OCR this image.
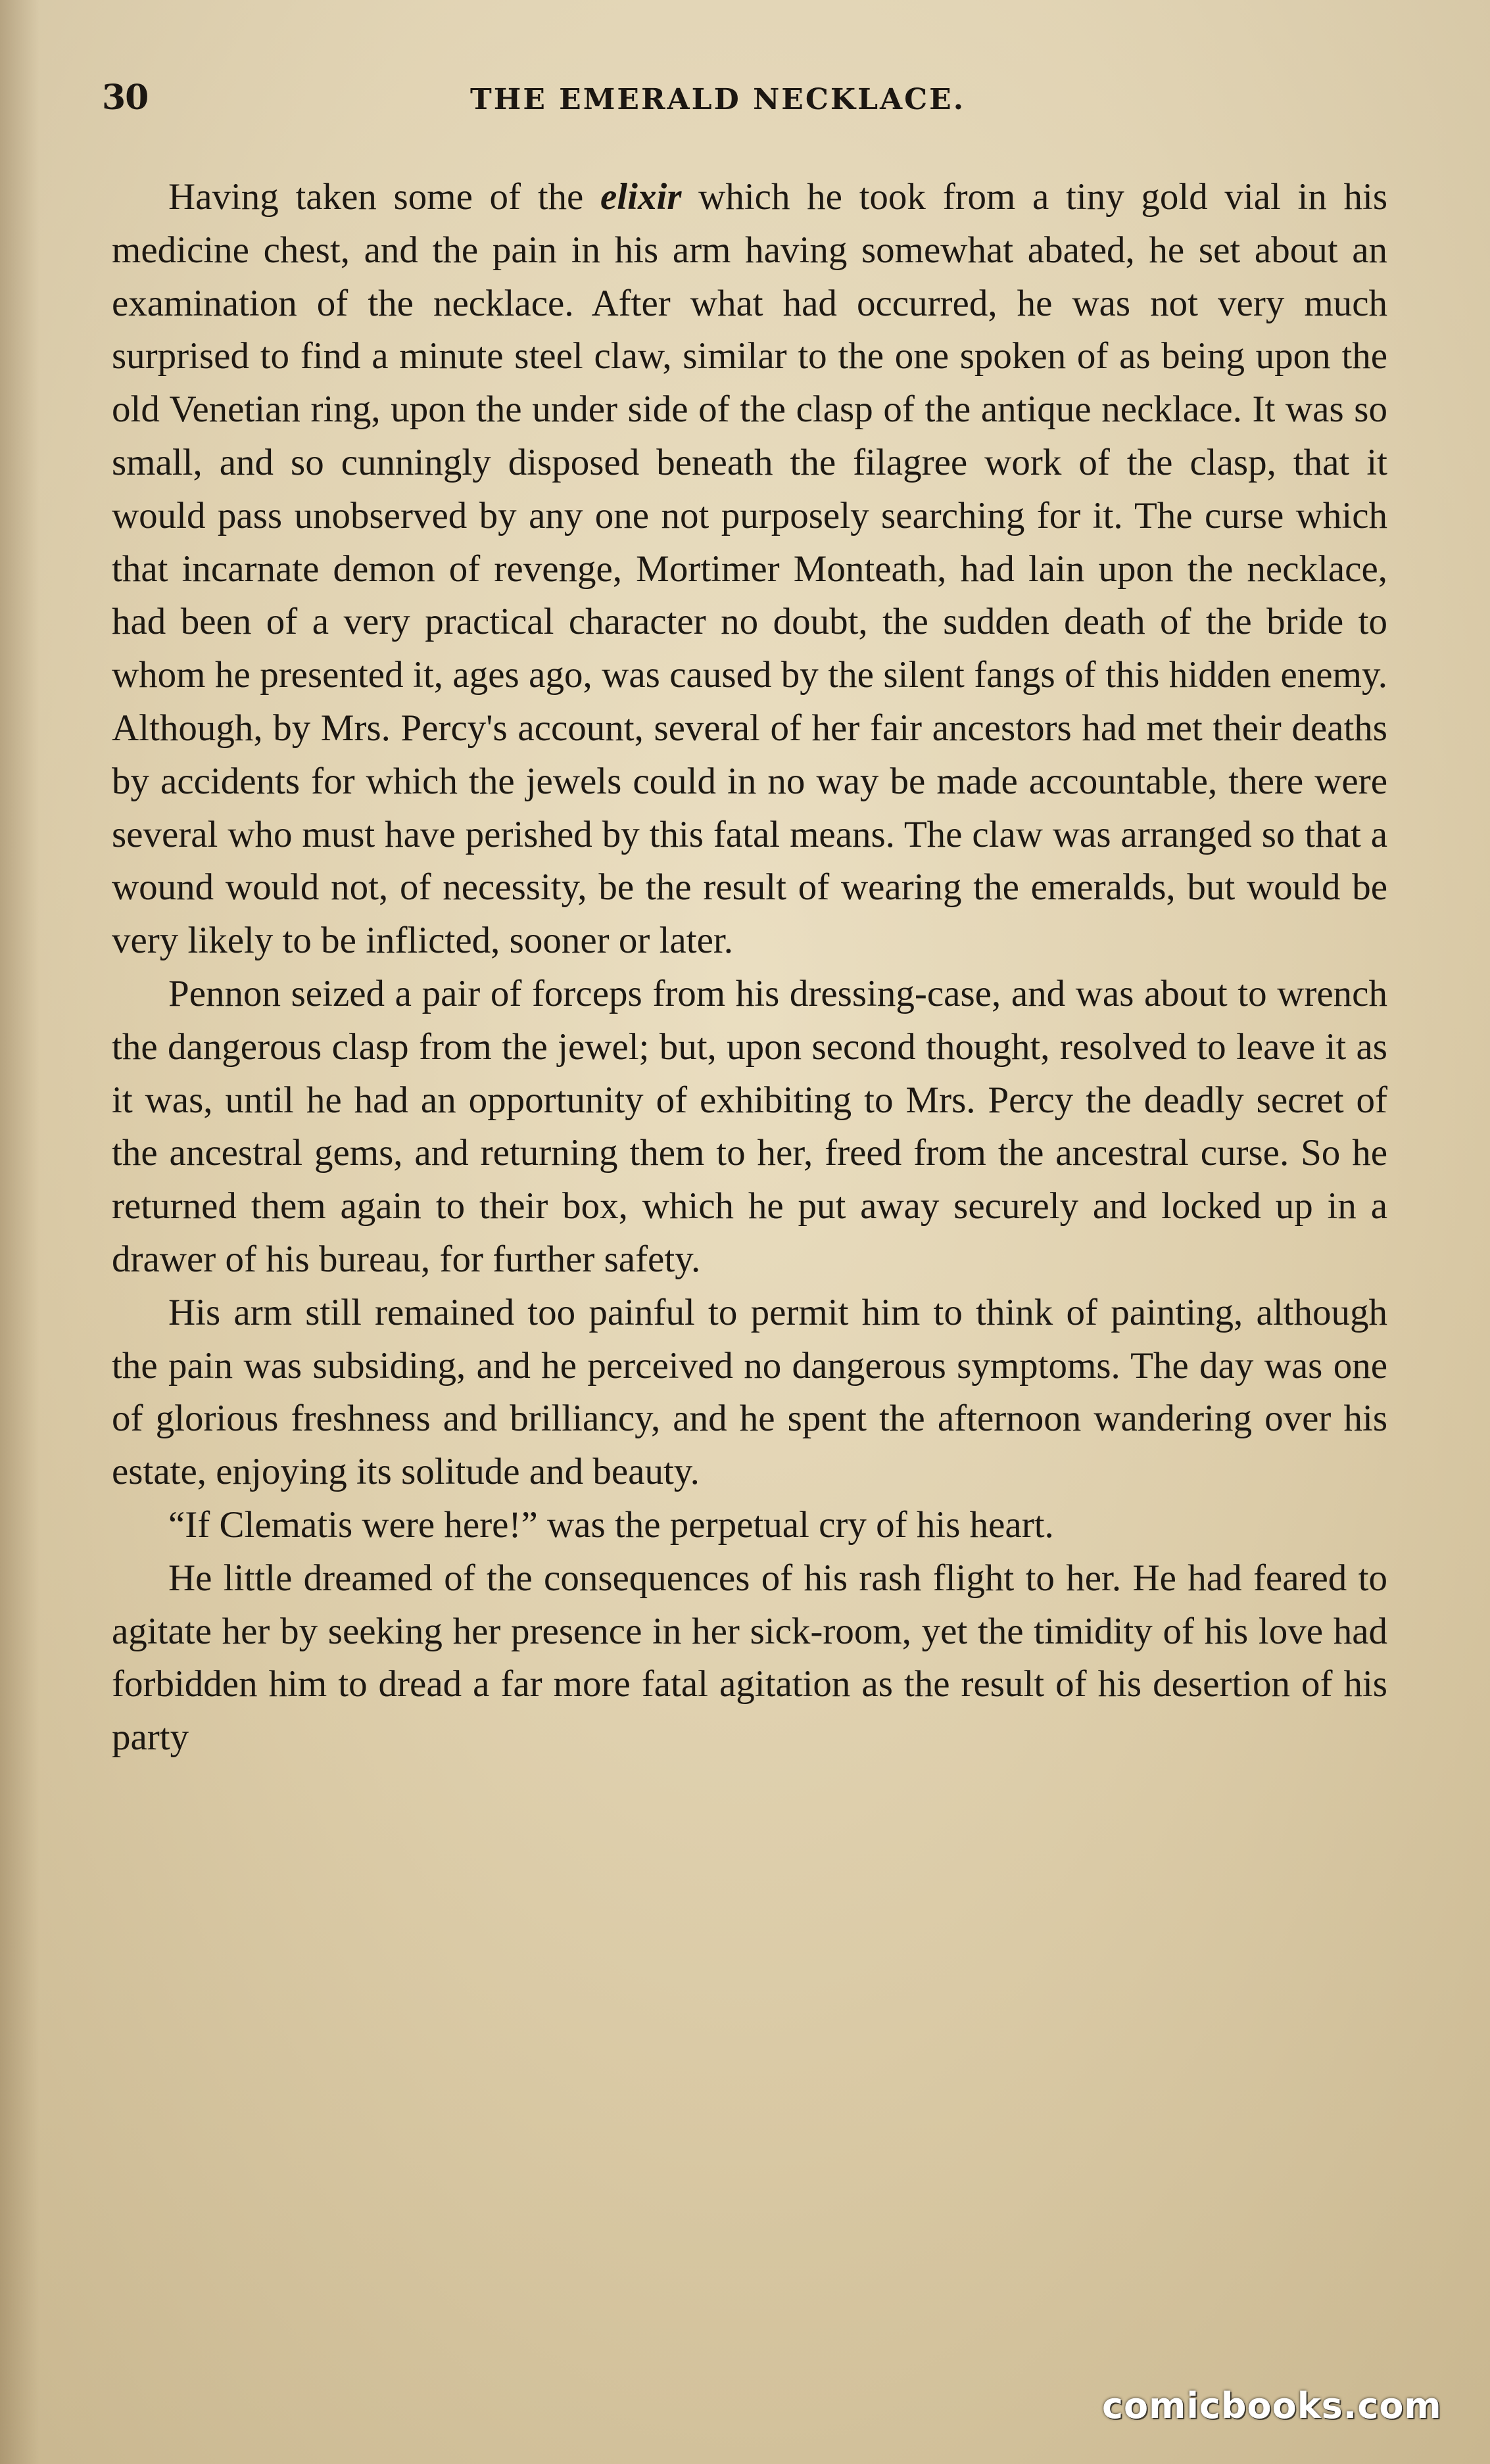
30	THE EMERALD NECKLACE.

Having taken some of the elixir which he took from a tiny gold vial in his medicine chest, and the pain in his arm having somewhat abated, he set about an examination of the necklace. After what had occurred, he was not very much surprised to find a minute steel claw, similar to the one spoken of as being upon the old Venetian ring, upon the under side of the clasp of the antique necklace. It was so small, and so cunningly disposed beneath the filagree work of the clasp, that it would pass unobserved by any one not purposely searching for it. The curse which that incarnate demon of revenge, Mortimer Monteath, had lain upon the necklace, had been of a very practical character no doubt, the sudden death of the bride to whom he presented it, ages ago, was caused by the silent fangs of this hidden enemy. Although, by Mrs. Percy's account, several of her fair ancestors had met their deaths by accidents for which the jewels could in no way be made accountable, there were several who must have perished by this fatal means. The claw was arranged so that a wound would not, of necessity, be the result of wearing the emeralds, but would be very likely to be inflicted, sooner or later.

Pennon seized a pair of forceps from his dressing-case, and was about to wrench the dangerous clasp from the jewel; but, upon second thought, resolved to leave it as it was, until he had an opportunity of exhibiting to Mrs. Percy the deadly secret of the ancestral gems, and returning them to her, freed from the ancestral curse. So he returned them again to their box, which he put away securely and locked up in a drawer of his bureau, for further safety.

His arm still remained too painful to permit him to think of painting, although the pain was subsiding, and he perceived no dangerous symptoms. The day was one of glorious freshness and brilliancy, and he spent the afternoon wandering over his estate, enjoying its solitude and beauty.

“If Clematis were here!” was the perpetual cry of his heart.

He little dreamed of the consequences of his rash flight to her. He had feared to agitate her by seeking her presence in her sick-room, yet the timidity of his love had forbidden him to dread a far more fatal agitation as the result of his desertion of his party

comicbooks.com
